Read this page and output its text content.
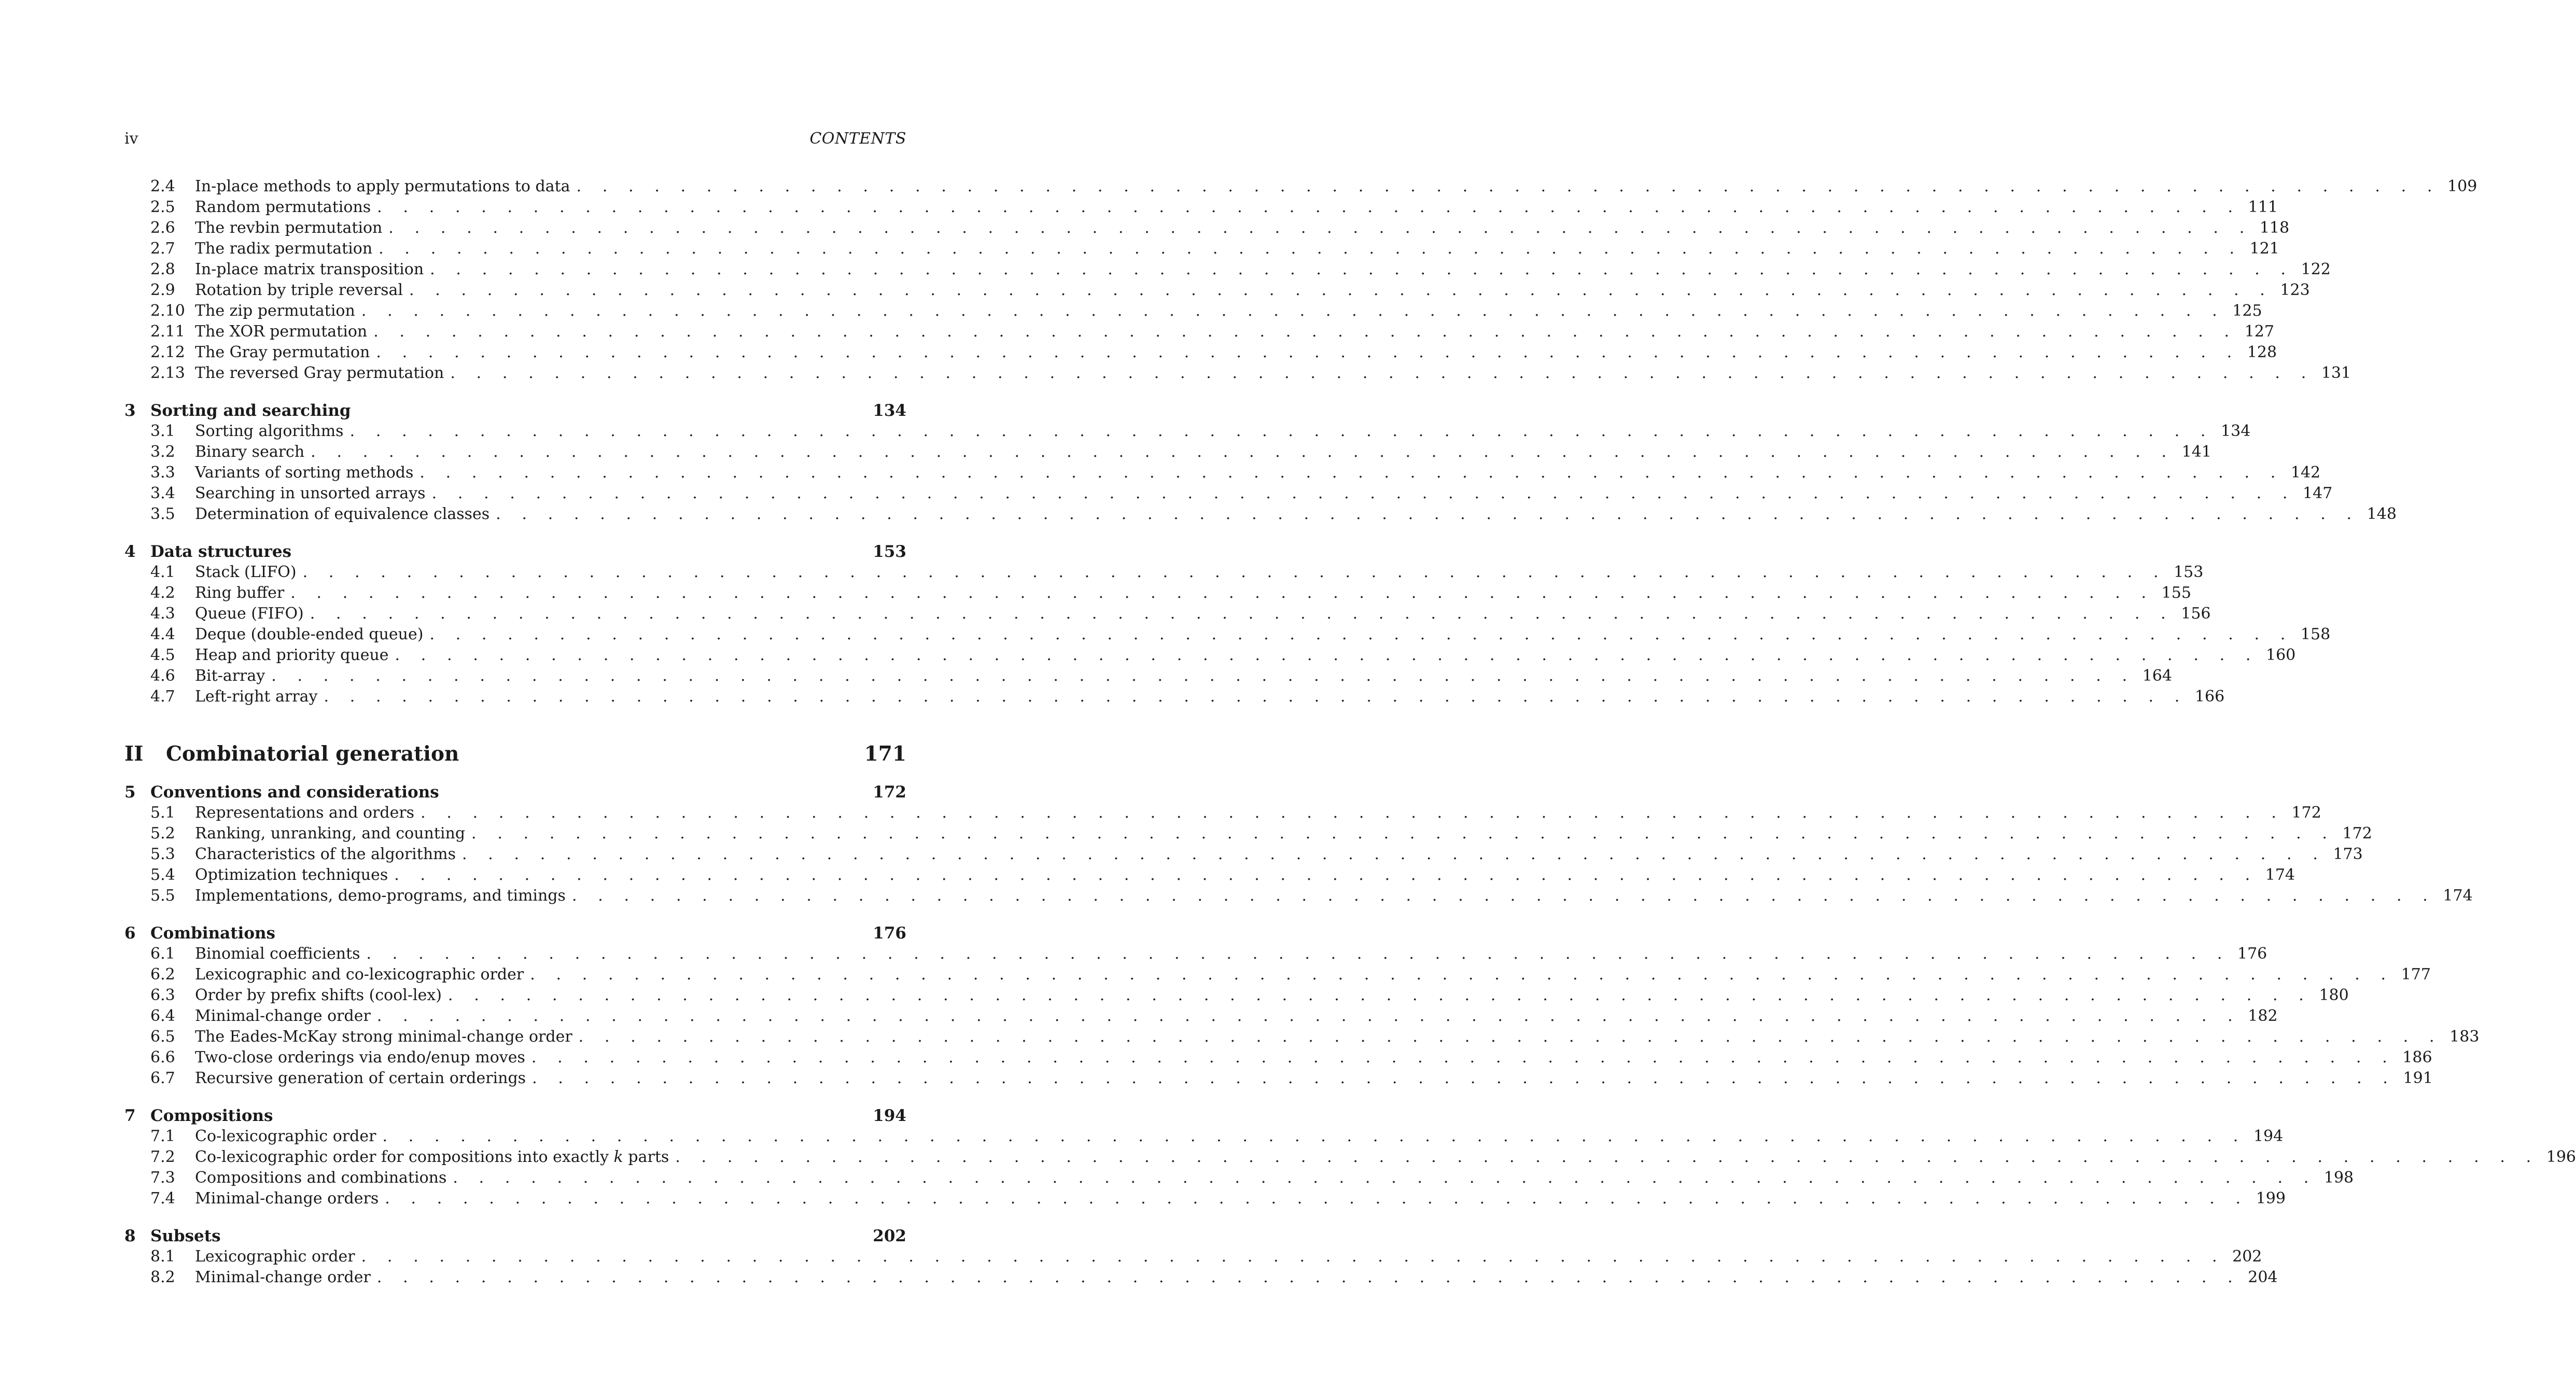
iv	CONTENTS
2.4	In-place methods to apply permutations to data . . . . . . . . . . . . . . . . . . . . . . . . . . . . . . . . . . . . . . . . . . . . . . . . . . . . . . . . . . . . . . . . . . . . . . . . 109
2.5	Random permutations . . . . . . . . . . . . . . . . . . . . . . . . . . . . . . . . . . . . . . . . . . . . . . . . . . . . . . . . . . . . . . . . . . . . . . . . 111
2.6	The revbin permutation . . . . . . . . . . . . . . . . . . . . . . . . . . . . . . . . . . . . . . . . . . . . . . . . . . . . . . . . . . . . . . . . . . . . . . . . 118
2.7	The radix permutation . . . . . . . . . . . . . . . . . . . . . . . . . . . . . . . . . . . . . . . . . . . . . . . . . . . . . . . . . . . . . . . . . . . . . . . . 121
2.8	In-place matrix transposition . . . . . . . . . . . . . . . . . . . . . . . . . . . . . . . . . . . . . . . . . . . . . . . . . . . . . . . . . . . . . . . . . . . . . . . . 122
2.9	Rotation by triple reversal . . . . . . . . . . . . . . . . . . . . . . . . . . . . . . . . . . . . . . . . . . . . . . . . . . . . . . . . . . . . . . . . . . . . . . . . 123
2.10 The zip permutation . . . . . . . . . . . . . . . . . . . . . . . . . . . . . . . . . . . . . . . . . . . . . . . . . . . . . . . . . . . . . . . . . . . . . . . . 125
2.11 The XOR permutation . . . . . . . . . . . . . . . . . . . . . . . . . . . . . . . . . . . . . . . . . . . . . . . . . . . . . . . . . . . . . . . . . . . . . . . . 127
2.12 The Gray permutation . . . . . . . . . . . . . . . . . . . . . . . . . . . . . . . . . . . . . . . . . . . . . . . . . . . . . . . . . . . . . . . . . . . . . . . . 128
2.13 The reversed Gray permutation . . . . . . . . . . . . . . . . . . . . . . . . . . . . . . . . . . . . . . . . . . . . . . . . . . . . . . . . . . . . . . . . . . . . . . . . 131
3 Sorting and searching	134
3.1	Sorting algorithms . . . . . . . . . . . . . . . . . . . . . . . . . . . . . . . . . . . . . . . . . . . . . . . . . . . . . . . . . . . . . . . . . . . . . . . . 134
3.2	Binary search . . . . . . . . . . . . . . . . . . . . . . . . . . . . . . . . . . . . . . . . . . . . . . . . . . . . . . . . . . . . . . . . . . . . . . . . 141
3.3	Variants of sorting methods . . . . . . . . . . . . . . . . . . . . . . . . . . . . . . . . . . . . . . . . . . . . . . . . . . . . . . . . . . . . . . . . . . . . . . . . 142
3.4	Searching in unsorted arrays . . . . . . . . . . . . . . . . . . . . . . . . . . . . . . . . . . . . . . . . . . . . . . . . . . . . . . . . . . . . . . . . . . . . . . . . 147
3.5	Determination of equivalence classes . . . . . . . . . . . . . . . . . . . . . . . . . . . . . . . . . . . . . . . . . . . . . . . . . . . . . . . . . . . . . . . . . . . . . . . . 148
4 Data structures	153
4.1	Stack (LIFO) . . . . . . . . . . . . . . . . . . . . . . . . . . . . . . . . . . . . . . . . . . . . . . . . . . . . . . . . . . . . . . . . . . . . . . . . 153
4.2	Ring buffer . . . . . . . . . . . . . . . . . . . . . . . . . . . . . . . . . . . . . . . . . . . . . . . . . . . . . . . . . . . . . . . . . . . . . . . . 155
4.3	Queue (FIFO) . . . . . . . . . . . . . . . . . . . . . . . . . . . . . . . . . . . . . . . . . . . . . . . . . . . . . . . . . . . . . . . . . . . . . . . . 156
4.4	Deque (double-ended queue) . . . . . . . . . . . . . . . . . . . . . . . . . . . . . . . . . . . . . . . . . . . . . . . . . . . . . . . . . . . . . . . . . . . . . . . . 158
4.5	Heap and priority queue . . . . . . . . . . . . . . . . . . . . . . . . . . . . . . . . . . . . . . . . . . . . . . . . . . . . . . . . . . . . . . . . . . . . . . . . 160
4.6	Bit-array . . . . . . . . . . . . . . . . . . . . . . . . . . . . . . . . . . . . . . . . . . . . . . . . . . . . . . . . . . . . . . . . . . . . . . . . 164
4.7	Left-right array . . . . . . . . . . . . . . . . . . . . . . . . . . . . . . . . . . . . . . . . . . . . . . . . . . . . . . . . . . . . . . . . . . . . . . . . 166
II	Combinatorial generation	171
5 Conventions and considerations	172
5.1	Representations and orders . . . . . . . . . . . . . . . . . . . . . . . . . . . . . . . . . . . . . . . . . . . . . . . . . . . . . . . . . . . . . . . . . . . . . . . . 172
5.2	Ranking, unranking, and counting . . . . . . . . . . . . . . . . . . . . . . . . . . . . . . . . . . . . . . . . . . . . . . . . . . . . . . . . . . . . . . . . . . . . . . . . 172
5.3	Characteristics of the algorithms . . . . . . . . . . . . . . . . . . . . . . . . . . . . . . . . . . . . . . . . . . . . . . . . . . . . . . . . . . . . . . . . . . . . . . . . 173
5.4	Optimization techniques . . . . . . . . . . . . . . . . . . . . . . . . . . . . . . . . . . . . . . . . . . . . . . . . . . . . . . . . . . . . . . . . . . . . . . . . 174
5.5	Implementations, demo-programs, and timings . . . . . . . . . . . . . . . . . . . . . . . . . . . . . . . . . . . . . . . . . . . . . . . . . . . . . . . . . . . . . . . . . . . . . . . . 174
6 Combinations	176
6.1	Binomial coefficients . . . . . . . . . . . . . . . . . . . . . . . . . . . . . . . . . . . . . . . . . . . . . . . . . . . . . . . . . . . . . . . . . . . . . . . . 176
6.2	Lexicographic and co-lexicographic order . . . . . . . . . . . . . . . . . . . . . . . . . . . . . . . . . . . . . . . . . . . . . . . . . . . . . . . . . . . . . . . . . . . . . . . . 177
6.3	Order by prefix shifts (cool-lex) . . . . . . . . . . . . . . . . . . . . . . . . . . . . . . . . . . . . . . . . . . . . . . . . . . . . . . . . . . . . . . . . . . . . . . . . 180
6.4	Minimal-change order . . . . . . . . . . . . . . . . . . . . . . . . . . . . . . . . . . . . . . . . . . . . . . . . . . . . . . . . . . . . . . . . . . . . . . . . 182
6.5	The Eades-McKay strong minimal-change order . . . . . . . . . . . . . . . . . . . . . . . . . . . . . . . . . . . . . . . . . . . . . . . . . . . . . . . . . . . . . . . . . . . . . . . . 183
6.6	Two-close orderings via endo/enup moves . . . . . . . . . . . . . . . . . . . . . . . . . . . . . . . . . . . . . . . . . . . . . . . . . . . . . . . . . . . . . . . . . . . . . . . . 186
6.7	Recursive generation of certain orderings . . . . . . . . . . . . . . . . . . . . . . . . . . . . . . . . . . . . . . . . . . . . . . . . . . . . . . . . . . . . . . . . . . . . . . . . 191
7 Compositions	194
7.1	Co-lexicographic order . . . . . . . . . . . . . . . . . . . . . . . . . . . . . . . . . . . . . . . . . . . . . . . . . . . . . . . . . . . . . . . . . . . . . . . . 194
7.2	Co-lexicographic order for compositions into exactly k parts . . . . . . . . . . . . . . . . . . . . . . . . . . . . . . . . . . . . . . . . . . . . . . . . . . . . . . . . . . . . . . . . . . . . . . . . 196
7.3	Compositions and combinations . . . . . . . . . . . . . . . . . . . . . . . . . . . . . . . . . . . . . . . . . . . . . . . . . . . . . . . . . . . . . . . . . . . . . . . . 198
7.4	Minimal-change orders . . . . . . . . . . . . . . . . . . . . . . . . . . . . . . . . . . . . . . . . . . . . . . . . . . . . . . . . . . . . . . . . . . . . . . . . 199
8 Subsets	202
8.1	Lexicographic order . . . . . . . . . . . . . . . . . . . . . . . . . . . . . . . . . . . . . . . . . . . . . . . . . . . . . . . . . . . . . . . . . . . . . . . . 202
8.2	Minimal-change order . . . . . . . . . . . . . . . . . . . . . . . . . . . . . . . . . . . . . . . . . . . . . . . . . . . . . . . . . . . . . . . . . . . . . . . . 204
